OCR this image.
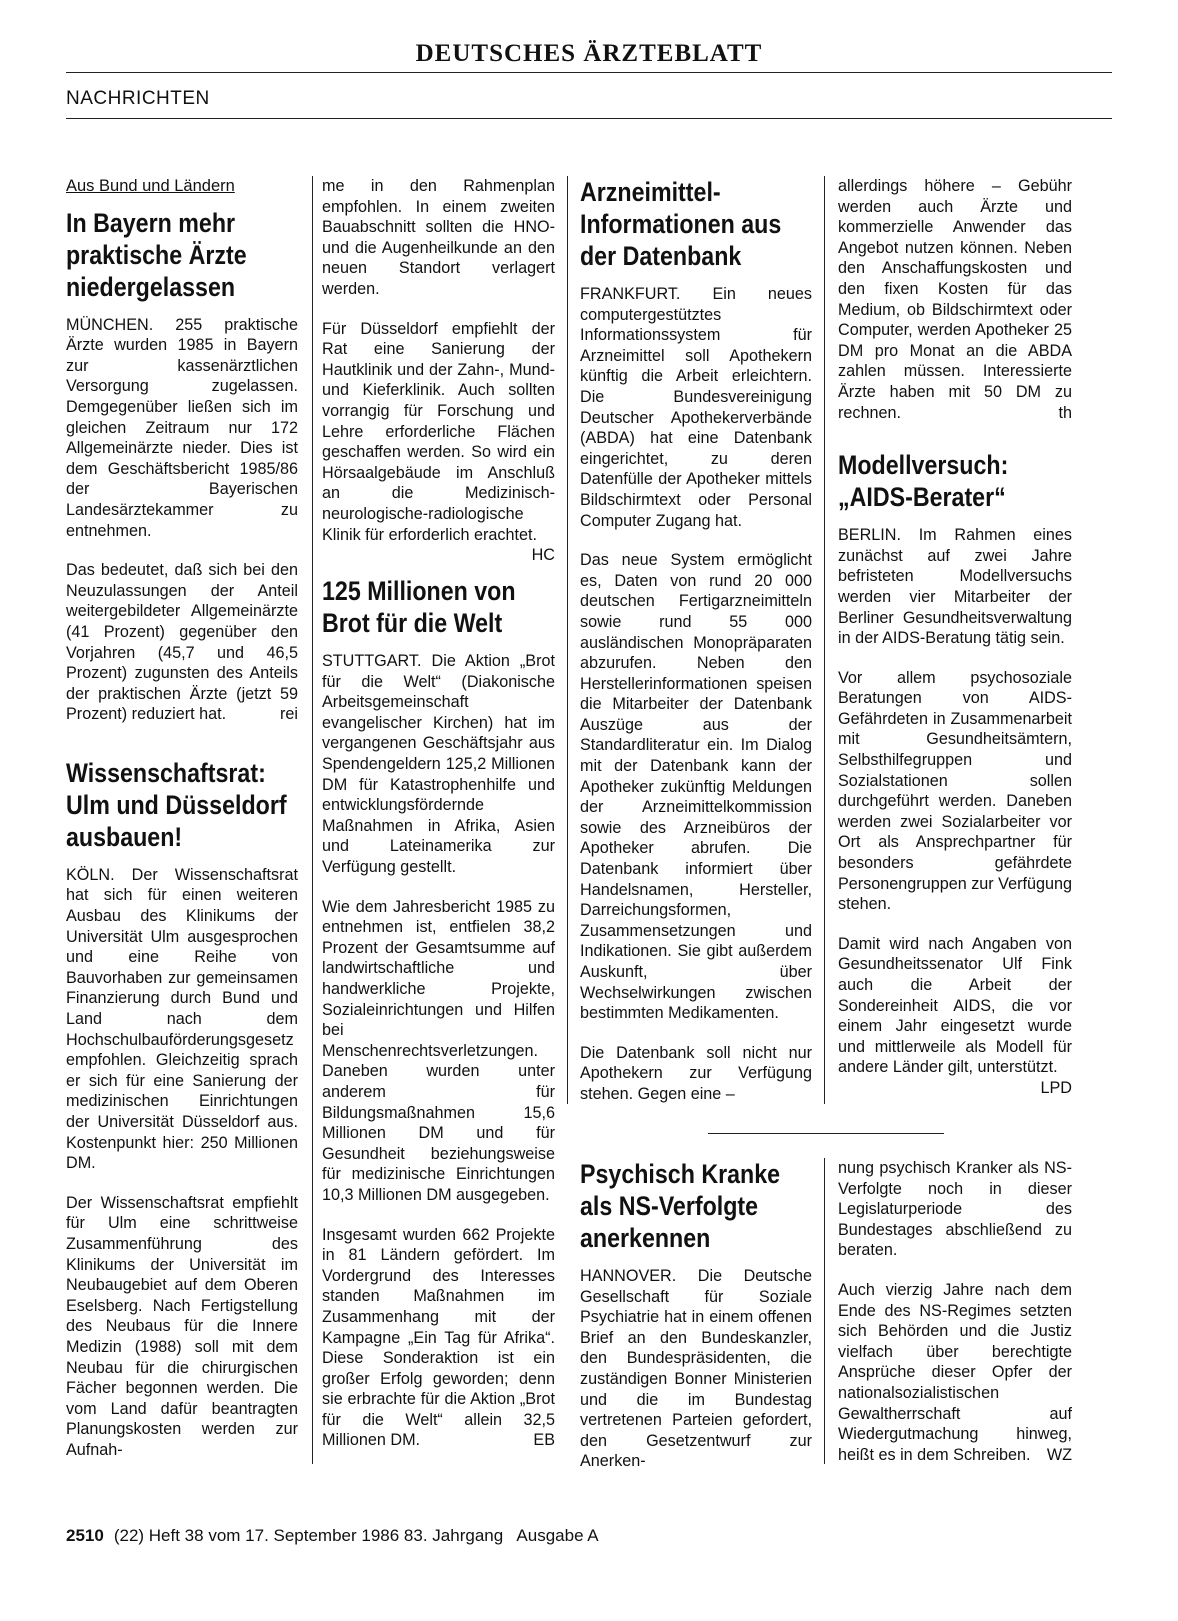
DEUTSCHES ÄRZTEBLATT
NACHRICHTEN
Aus Bund und Ländern
In Bayern mehr praktische Ärzte niedergelassen

MÜNCHEN. 255 praktische Ärzte wurden 1985 in Bayern zur kassenärztlichen Versorgung zugelassen. Demgegenüber ließen sich im gleichen Zeitraum nur 172 Allgemeinärzte nieder. Dies ist dem Geschäftsbericht 1985/86 der Bayerischen Landesärztekammer zu entnehmen.

Das bedeutet, daß sich bei den Neuzulassungen der Anteil weitergebildeter Allgemeinärzte (41 Prozent) gegenüber den Vorjahren (45,7 und 46,5 Prozent) zugunsten des Anteils der praktischen Ärzte (jetzt 59 Prozent) reduziert hat.	rei

Wissenschaftsrat: Ulm und Düsseldorf ausbauen!

KÖLN. Der Wissenschaftsrat hat sich für einen weiteren Ausbau des Klinikums der Universität Ulm ausgesprochen und eine Reihe von Bauvorhaben zur gemeinsamen Finanzierung durch Bund und Land nach dem Hochschulbauförderungsgesetz empfohlen. Gleichzeitig sprach er sich für eine Sanierung der medizinischen Einrichtungen der Universität Düsseldorf aus. Kostenpunkt hier: 250 Millionen DM.

Der Wissenschaftsrat empfiehlt für Ulm eine schrittweise Zusammenführung des Klinikums der Universität im Neubaugebiet auf dem Oberen Eselsberg. Nach Fertigstellung des Neubaus für die Innere Medizin (1988) soll mit dem Neubau für die chirurgischen Fächer begonnen werden. Die vom Land dafür beantragten Planungskosten werden zur Aufnah-

me in den Rahmenplan empfohlen. In einem zweiten Bauabschnitt sollten die HNO- und die Augenheilkunde an den neuen Standort verlagert werden.

Für Düsseldorf empfiehlt der Rat eine Sanierung der Hautklinik und der Zahn-, Mund- und Kieferklinik. Auch sollten vorrangig für Forschung und Lehre erforderliche Flächen geschaffen werden. So wird ein Hörsaalgebäude im Anschluß an die Medizinisch-neurologische-radiologische Klinik für erforderlich erachtet.
HC

125 Millionen von Brot für die Welt

STUTTGART. Die Aktion „Brot für die Welt“ (Diakonische Arbeitsgemeinschaft evangelischer Kirchen) hat im vergangenen Geschäftsjahr aus Spendengeldern 125,2 Millionen DM für Katastrophenhilfe und entwicklungsfördernde Maßnahmen in Afrika, Asien und Lateinamerika zur Verfügung gestellt.

Wie dem Jahresbericht 1985 zu entnehmen ist, entfielen 38,2 Prozent der Gesamtsumme auf landwirtschaftliche und handwerkliche Projekte, Sozialeinrichtungen und Hilfen bei Menschenrechtsverletzungen. Daneben wurden unter anderem für Bildungsmaßnahmen 15,6 Millionen DM und für Gesundheit beziehungsweise für medizinische Einrichtungen 10,3 Millionen DM ausgegeben.

Insgesamt wurden 662 Projekte in 81 Ländern gefördert. Im Vordergrund des Interesses standen Maßnahmen im Zusammenhang mit der Kampagne „Ein Tag für Afrika“. Diese Sonderaktion ist ein großer Erfolg geworden; denn sie erbrachte für die Aktion „Brot für die Welt“ allein 32,5 Millionen DM.	EB

Arzneimittel-Informationen aus der Datenbank

FRANKFURT. Ein neues computergestütztes Informationssystem für Arzneimittel soll Apothekern künftig die Arbeit erleichtern. Die Bundesvereinigung Deutscher Apothekerverbände (ABDA) hat eine Datenbank eingerichtet, zu deren Datenfülle der Apotheker mittels Bildschirmtext oder Personal Computer Zugang hat.

Das neue System ermöglicht es, Daten von rund 20 000 deutschen Fertigarzneimitteln sowie rund 55 000 ausländischen Monopräparaten abzurufen. Neben den Herstellerinformationen speisen die Mitarbeiter der Datenbank Auszüge aus der Standardliteratur ein. Im Dialog mit der Datenbank kann der Apotheker zukünftig Meldungen der Arzneimittelkommission sowie des Arzneibüros der Apotheker abrufen. Die Datenbank informiert über Handelsnamen, Hersteller, Darreichungsformen, Zusammensetzungen und Indikationen. Sie gibt außerdem Auskunft, über Wechselwirkungen zwischen bestimmten Medikamenten.

Die Datenbank soll nicht nur Apothekern zur Verfügung stehen. Gegen eine –

allerdings höhere – Gebühr werden auch Ärzte und kommerzielle Anwender das Angebot nutzen können. Neben den Anschaffungskosten und den fixen Kosten für das Medium, ob Bildschirmtext oder Computer, werden Apotheker 25 DM pro Monat an die ABDA zahlen müssen. Interessierte Ärzte haben mit 50 DM zu rechnen.	th

Modellversuch: „AIDS-Berater“

BERLIN. Im Rahmen eines zunächst auf zwei Jahre befristeten Modellversuchs werden vier Mitarbeiter der Berliner Gesundheitsverwaltung in der AIDS-Beratung tätig sein.

Vor allem psychosoziale Beratungen von AIDS-Gefährdeten in Zusammenarbeit mit Gesundheitsämtern, Selbsthilfegruppen und Sozialstationen sollen durchgeführt werden. Daneben werden zwei Sozialarbeiter vor Ort als Ansprechpartner für besonders gefährdete Personengruppen zur Verfügung stehen.

Damit wird nach Angaben von Gesundheitssenator Ulf Fink auch die Arbeit der Sondereinheit AIDS, die vor einem Jahr eingesetzt wurde und mittlerweile als Modell für andere Länder gilt, unterstützt.
LPD

Psychisch Kranke als NS-Verfolgte anerkennen

HANNOVER. Die Deutsche Gesellschaft für Soziale Psychiatrie hat in einem offenen Brief an den Bundeskanzler, den Bundespräsidenten, die zuständigen Bonner Ministerien und die im Bundestag vertretenen Parteien gefordert, den Gesetzentwurf zur Anerken-

nung psychisch Kranker als NS-Verfolgte noch in dieser Legislaturperiode des Bundestages abschließend zu beraten.

Auch vierzig Jahre nach dem Ende des NS-Regimes setzten sich Behörden und die Justiz vielfach über berechtigte Ansprüche dieser Opfer der nationalsozialistischen Gewaltherrschaft auf Wiedergutmachung hinweg, heißt es in dem Schreiben. WZ

2510 (22) Heft 38 vom 17. September 1986 83. Jahrgang   Ausgabe A
